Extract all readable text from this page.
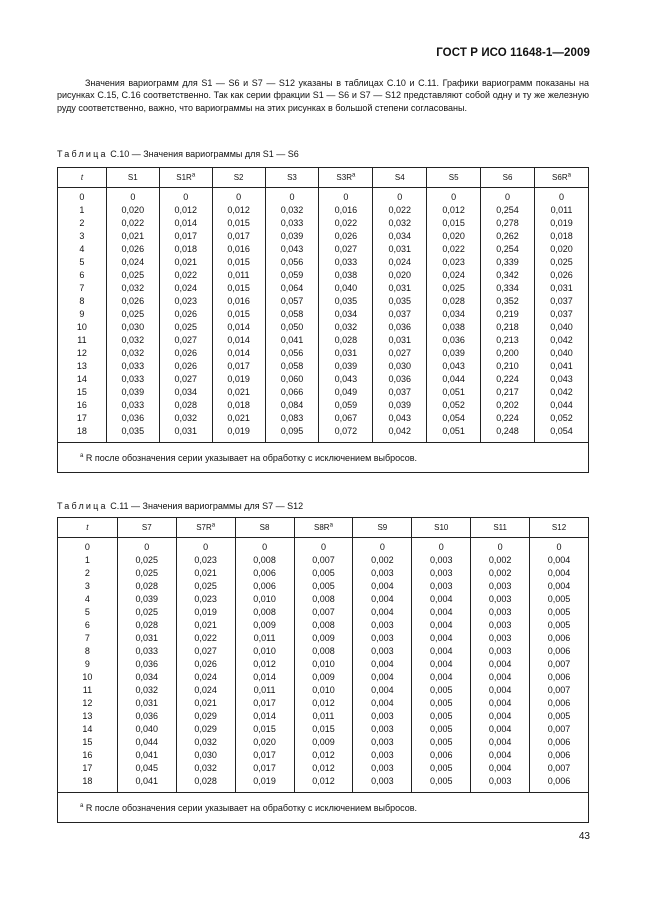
ГОСТ Р ИСО 11648-1—2009

Значения вариограмм для S1 — S6 и S7 — S12 указаны в таблицах С.10 и С.11. Графики вариограмм показаны на рисунках С.15, С.16 соответственно. Так как серии фракции S1 — S6 и S7 — S12 представляют собой одну и ту же железную руду соответственно, важно, что вариограммы на этих рисунках в большой степени согласованы.

Таблица С.10 — Значения вариограммы для S1 — S6
t	S1	$S1R^a$	S2	S3	$S3R^a$	S4	S5	S6	$S6R^a$
0	0	0	0	0	0	0	0	0	0
1	0,020	0,012	0,012	0,032	0,016	0,022	0,012	0,254	0,011
2	0,022	0,014	0,015	0,033	0,022	0,032	0,015	0,278	0,019
3	0,021	0,017	0,017	0,039	0,026	0,034	0,020	0,262	0,018
4	0,026	0,018	0,016	0,043	0,027	0,031	0,022	0,254	0,020
5	0,024	0,021	0,015	0,056	0,033	0,024	0,023	0,339	0,025
6	0,025	0,022	0,011	0,059	0,038	0,020	0,024	0,342	0,026
7	0,032	0,024	0,015	0,064	0,040	0,031	0,025	0,334	0,031
8	0,026	0,023	0,016	0,057	0,035	0,035	0,028	0,352	0,037
9	0,025	0,026	0,015	0,058	0,034	0,037	0,034	0,219	0,037
10	0,030	0,025	0,014	0,050	0,032	0,036	0,038	0,218	0,040
11	0,032	0,027	0,014	0,041	0,028	0,031	0,036	0,213	0,042
12	0,032	0,026	0,014	0,056	0,031	0,027	0,039	0,200	0,040
13	0,033	0,026	0,017	0,058	0,039	0,030	0,043	0,210	0,041
14	0,033	0,027	0,019	0,060	0,043	0,036	0,044	0,224	0,043
15	0,039	0,034	0,021	0,066	0,049	0,037	0,051	0,217	0,042
16	0,033	0,028	0,018	0,084	0,059	0,039	0,052	0,202	0,044
17	0,036	0,032	0,021	0,083	0,067	0,043	0,054	0,224	0,052
18	0,035	0,031	0,019	0,095	0,072	0,042	0,051	0,248	0,054
$^a$ R после обозначения серии указывает на обработку с исключением выбросов.									
Таблица С.11 — Значения вариограммы для S7 — S12
t	S7	$S7R^a$	S8	$S8R^a$	S9	S10	S11	S12
0	0	0	0	0	0	0	0	0
1	0,025	0,023	0,008	0,007	0,002	0,003	0,002	0,004
2	0,025	0,021	0,006	0,005	0,003	0,003	0,002	0,004
3	0,028	0,025	0,006	0,005	0,004	0,003	0,003	0,004
4	0,039	0,023	0,010	0,008	0,004	0,004	0,003	0,005
5	0,025	0,019	0,008	0,007	0,004	0,004	0,003	0,005
6	0,028	0,021	0,009	0,008	0,003	0,004	0,003	0,005
7	0,031	0,022	0,011	0,009	0,003	0,004	0,003	0,006
8	0,033	0,027	0,010	0,008	0,003	0,004	0,003	0,006
9	0,036	0,026	0,012	0,010	0,004	0,004	0,004	0,007
10	0,034	0,024	0,014	0,009	0,004	0,004	0,004	0,006
11	0,032	0,024	0,011	0,010	0,004	0,005	0,004	0,007
12	0,031	0,021	0,017	0,012	0,004	0,005	0,004	0,006
13	0,036	0,029	0,014	0,011	0,003	0,005	0,004	0,005
14	0,040	0,029	0,015	0,015	0,003	0,005	0,004	0,007
15	0,044	0,032	0,020	0,009	0,003	0,005	0,004	0,006
16	0,041	0,030	0,017	0,012	0,003	0,006	0,004	0,006
17	0,045	0,032	0,017	0,012	0,003	0,005	0,004	0,007
18	0,041	0,028	0,019	0,012	0,003	0,005	0,003	0,006
$^a$ R после обозначения серии указывает на обработку с исключением выбросов.								
43
